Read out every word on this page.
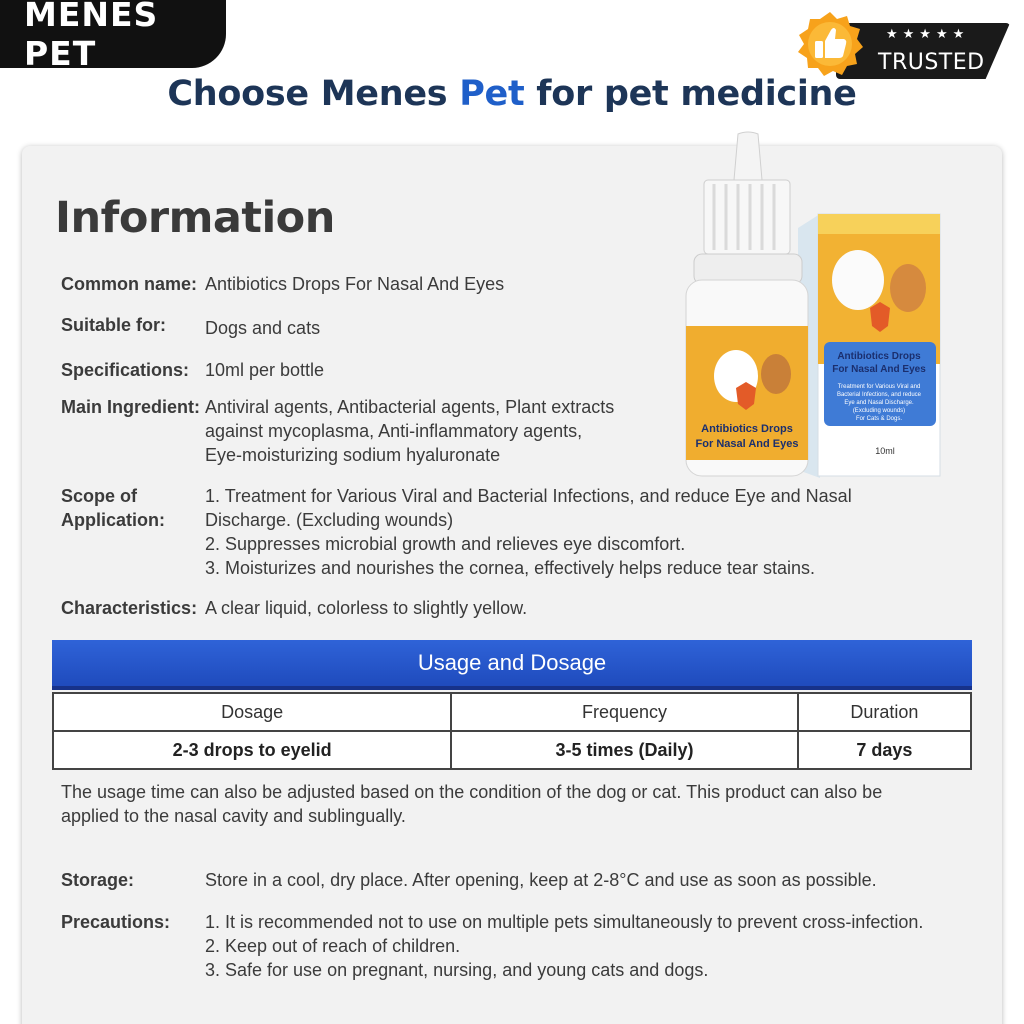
MENES PET	★★★★★
TRUSTED
Choose Menes Pet for pet medicine
Information
Antibiotics Drops
For Nasal And Eyes
Treatment for Various Viral and
Bacterial Infections, and reduce
Eye and Nasal Discharge.
(Excluding wounds)
For Cats & Dogs.
10ml
Antibiotics Drops
For Nasal And Eyes
Common name: Antibiotics Drops For Nasal And Eyes
Suitable for: Dogs and cats
Specifications: 10ml per bottle
Main Ingredient: Antiviral agents, Antibacterial agents, Plant extracts
against mycoplasma, Anti-inflammatory agents,
Eye-moisturizing sodium hyaluronate
Scope of
Application:
1. Treatment for Various Viral and Bacterial Infections, and reduce Eye and Nasal
Discharge. (Excluding wounds)
2. Suppresses microbial growth and relieves eye discomfort.
3. Moisturizes and nourishes the cornea, effectively helps reduce tear stains.
Characteristics: A clear liquid, colorless to slightly yellow.
Usage and Dosage
Dosage	Frequency	Duration
2-3 drops to eyelid	3-5 times (Daily)	7 days
The usage time can also be adjusted based on the condition of the dog or cat. This product can also be
applied to the nasal cavity and sublingually.
Storage:	Store in a cool, dry place. After opening, keep at 2-8°C and use as soon as possible.
Precautions: 1. It is recommended not to use on multiple pets simultaneously to prevent cross-infection.
2. Keep out of reach of children.
3. Safe for use on pregnant, nursing, and young cats and dogs.
